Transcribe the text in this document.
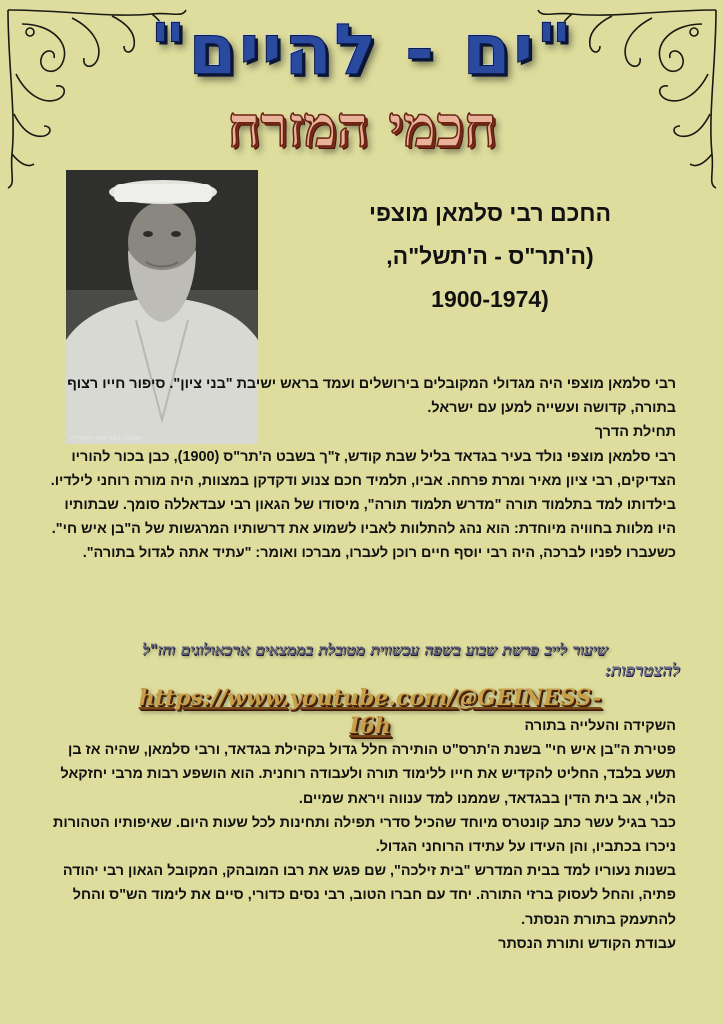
"ים - להיים"
חכמי המזרח
תמונה באדיבות ויקיפדיה
החכם רבי סלמאן מוצפי
(ה'תר"ס - ה'תשל"ה,
(1900-1974

רבי סלמאן מוצפי היה מגדולי המקובלים בירושלים ועמד בראש ישיבת "בני ציון". סיפור חייו רצוף בתורה, קדושה ועשייה למען עם ישראל.

תחילת הדרך

רבי סלמאן מוצפי נולד בעיר בגדאד בליל שבת קודש, ז"ך בשבט ה'תר"ס (1900), כבן בכור להוריו הצדיקים, רבי ציון מאיר ומרת פרחה. אביו, תלמיד חכם צנוע ודקדקן במצוות, היה מורה רוחני לילדיו.

בילדותו למד בתלמוד תורה "מדרש תלמוד תורה", מיסודו של הגאון רבי עבדאללה סומך. שבתותיו היו מלוות בחוויה מיוחדת: הוא נהג להתלוות לאביו לשמוע את דרשותיו המרגשות של ה"בן איש חי". כשעברו לפניו לברכה, היה רבי יוסף חיים רוכן לעברו, מברכו ואומר: "עתיד אתה לגדול בתורה".

שיעור לייב פרשת שבוע בשפה עכשווית מטובלת בממצאים ארכאולוגים וחז"ל
להצטרפות:
https://www.youtube.com/@GEINESS-I6h	השקידה והעלייה בתורה

פטירת ה"בן איש חי" בשנת ה'תרס"ט הותירה חלל גדול בקהילת בגדאד, ורבי סלמאן, שהיה אז בן תשע בלבד, החליט להקדיש את חייו ללימוד תורה ולעבודה רוחנית. הוא הושפע רבות מרבי יחזקאל הלוי, אב בית הדין בבגדאד, שממנו למד ענווה ויראת שמיים.

כבר בגיל עשר כתב קונטרס מיוחד שהכיל סדרי תפילה ותחינות לכל שעות היום. שאיפותיו הטהורות ניכרו בכתביו, והן העידו על עתידו הרוחני הגדול.

בשנות נעוריו למד בבית המדרש "בית זילכה", שם פגש את רבו המובהק, המקובל הגאון רבי יהודה פתיה, והחל לעסוק ברזי התורה. יחד עם חברו הטוב, רבי נסים כדורי, סיים את לימוד הש"ס והחל להתעמק בתורת הנסתר.

עבודת הקודש ותורת הנסתר
